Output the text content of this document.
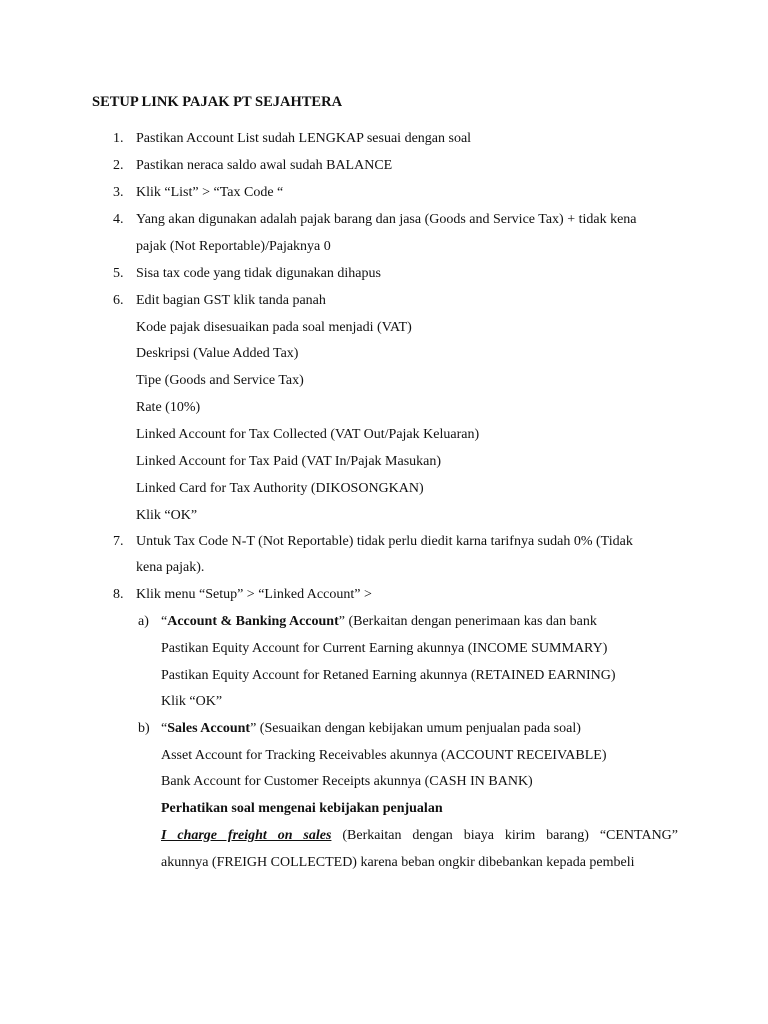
SETUP LINK PAJAK PT SEJAHTERA
1. Pastikan Account List sudah LENGKAP sesuai dengan soal
2. Pastikan neraca saldo awal sudah BALANCE
3. Klik “List” > “Tax Code “
4. Yang akan digunakan adalah pajak barang dan jasa (Goods and Service Tax) + tidak kena
pajak (Not Reportable)/Pajaknya 0
5. Sisa tax code yang tidak digunakan dihapus
6. Edit bagian GST klik tanda panah
Kode pajak disesuaikan pada soal menjadi (VAT)
Deskripsi (Value Added Tax)
Tipe (Goods and Service Tax)
Rate (10%)
Linked Account for Tax Collected (VAT Out/Pajak Keluaran)
Linked Account for Tax Paid (VAT In/Pajak Masukan)
Linked Card for Tax Authority (DIKOSONGKAN)
Klik “OK”
7. Untuk Tax Code N-T (Not Reportable) tidak perlu diedit karna tarifnya sudah 0% (Tidak
kena pajak).
8. Klik menu “Setup” > “Linked Account” >
a) “Account & Banking Account” (Berkaitan dengan penerimaan kas dan bank
Pastikan Equity Account for Current Earning akunnya (INCOME SUMMARY)
Pastikan Equity Account for Retaned Earning akunnya (RETAINED EARNING)
Klik “OK”
b) “Sales Account” (Sesuaikan dengan kebijakan umum penjualan pada soal)
Asset Account for Tracking Receivables akunnya (ACCOUNT RECEIVABLE)
Bank Account for Customer Receipts akunnya (CASH IN BANK)
Perhatikan soal mengenai kebijakan penjualan
I charge freight on sales (Berkaitan dengan biaya kirim barang) “CENTANG”
akunnya (FREIGH COLLECTED) karena beban ongkir dibebankan kepada pembeli
